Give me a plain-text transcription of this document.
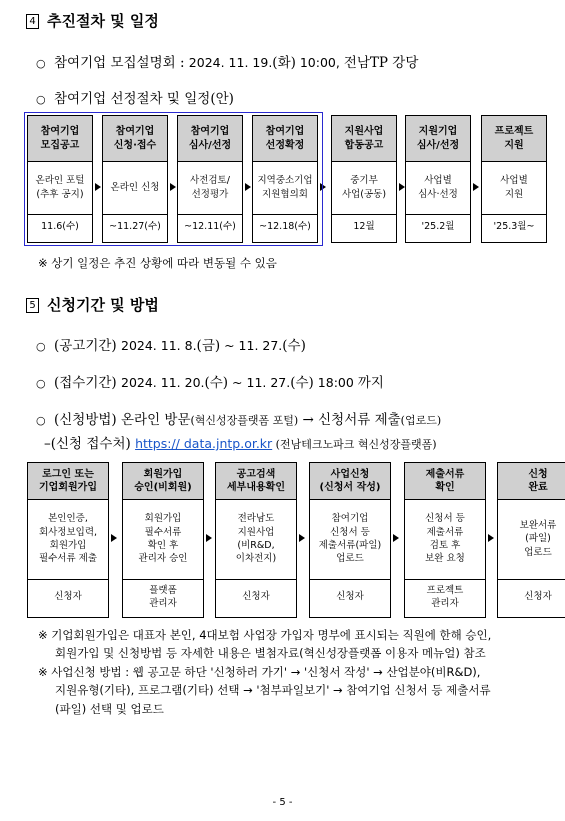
4 추진절차 및 일정
○ 참여기업 모집설명회 : 2024. 11. 19.(화) 10:00, 전남TP 강당
○ 참여기업 선정절차 및 일정(안)
참여기업
모집공고
온라인 포털
(추후 공지)
11.6(수)
참여기업
신청·접수
온라인 신청
~11.27(수)
참여기업
심사/선정
사전검토/
선정평가
~12.11(수)
참여기업
선정확정
지역중소기업
지원협의회
~12.18(수)
지원사업
합동공고
중기부
사업(공동)
12월
지원기업
심사/선정
사업별
심사·선정
'25.2월
프로젝트
지원
사업별
지원
'25.3월~
※ 상기 일정은 추진 상황에 따라 변동될 수 있음
5 신청기간 및 방법
○ (공고기간) 2024. 11. 8.(금) ~ 11. 27.(수)
○ (접수기간) 2024. 11. 20.(수) ~ 11. 27.(수) 18:00 까지
○ (신청방법) 온라인 방문(혁신성장플랫폼 포털) → 신청서류 제출(업로드)
–(신청 접수처) https:// data.jntp.or.kr (전남테크노파크 혁신성장플랫폼)
로그인 또는
기업회원가입
본인인증,
회사정보입력,
회원가입
필수서류 제출
신청자
회원가입
승인(비회원)
회원가입
필수서류
확인 후
관리자 승인
플랫폼
관리자
공고검색
세부내용확인
전라남도
지원사업
(비R&D,
이차전지)
신청자
사업신청
(신청서 작성)
참여기업
신청서 등
제출서류(파일)
업로드
신청자
제출서류
확인
신청서 등
제출서류
검토 후
보완 요청
프로젝트
관리자
신청
완료
보완서류
(파일)
업로드
신청자
※ 기업회원가입은 대표자 본인, 4대보험 사업장 가입자 명부에 표시되는 직원에 한해 승인,
회원가입 및 신청방법 등 자세한 내용은 별첨자료(혁신성장플랫폼 이용자 메뉴얼) 참조
※ 사업신청 방법 : 웹 공고문 하단 '신청하러 가기' → '신청서 작성' → 산업분야(비R&D),
지원유형(기타), 프로그램(기타) 선택 → '첨부파일보기' → 참여기업 신청서 등 제출서류
(파일) 선택 및 업로드
- 5 -
